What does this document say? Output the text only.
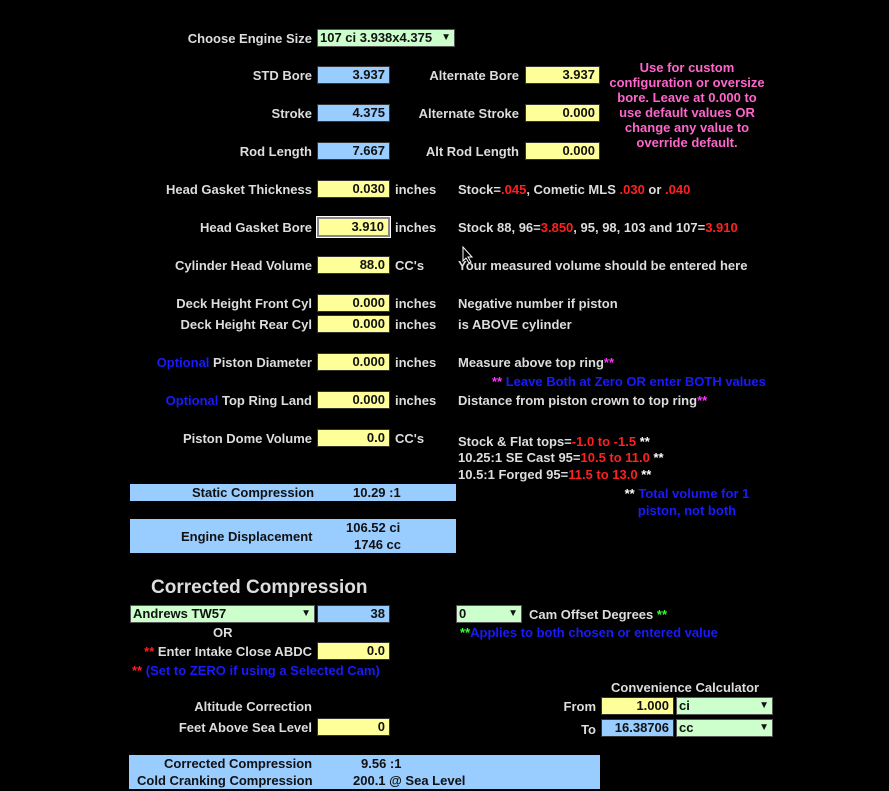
Choose Engine Size 107 ci 3.938x4.375 ▼
STD Bore	3.937	Alternate Bore	3.937
Stroke	4.375	Alternate Stroke	0.000
Rod Length	7.667	Alt Rod Length	0.000
Use for custom
configuration or oversize
bore. Leave at 0.000 to
use default values OR
change any value to
override default.
Head Gasket Thickness	0.030 inches Stock=.045, Cometic MLS .030 or .040
Head Gasket Bore	3.910 inches Stock 88, 96=3.850, 95, 98, 103 and 107=3.910
Cylinder Head Volume	88.0 CC's	Your measured volume should be entered here
Deck Height Front Cyl	0.000 inches Negative number if piston
Deck Height Rear Cyl	0.000 inches is ABOVE cylinder
Optional Piston Diameter	0.000 inches Measure above top ring**
** Leave Both at Zero OR enter BOTH values
Optional Top Ring Land	0.000 inches Distance from piston crown to top ring**
Piston Dome Volume	0.0 CC's	Stock & Flat tops=-1.0 to -1.5 **
10.25:1 SE Cast 95=10.5 to 11.0 **
10.5:1 Forged 95=11.5 to 13.0 **
** Total volume for 1
piston, not both
Static Compression	10.29 :1
Engine Displacement
106.52 ci
1746 cc
Corrected Compression
Andrews TW57	▼	38
OR
0	▼ Cam Offset Degrees **
**Applies to both chosen or entered value
** Enter Intake Close ABDC	0.0
** (Set to ZERO if using a Selected Cam)
Altitude Correction
Feet Above Sea Level	0
Convenience Calculator
From	1.000 ci	▼
To	16.38706 cc	▼
Corrected Compression	9.56 :1
Cold Cranking Compression	200.1 @ Sea Level
